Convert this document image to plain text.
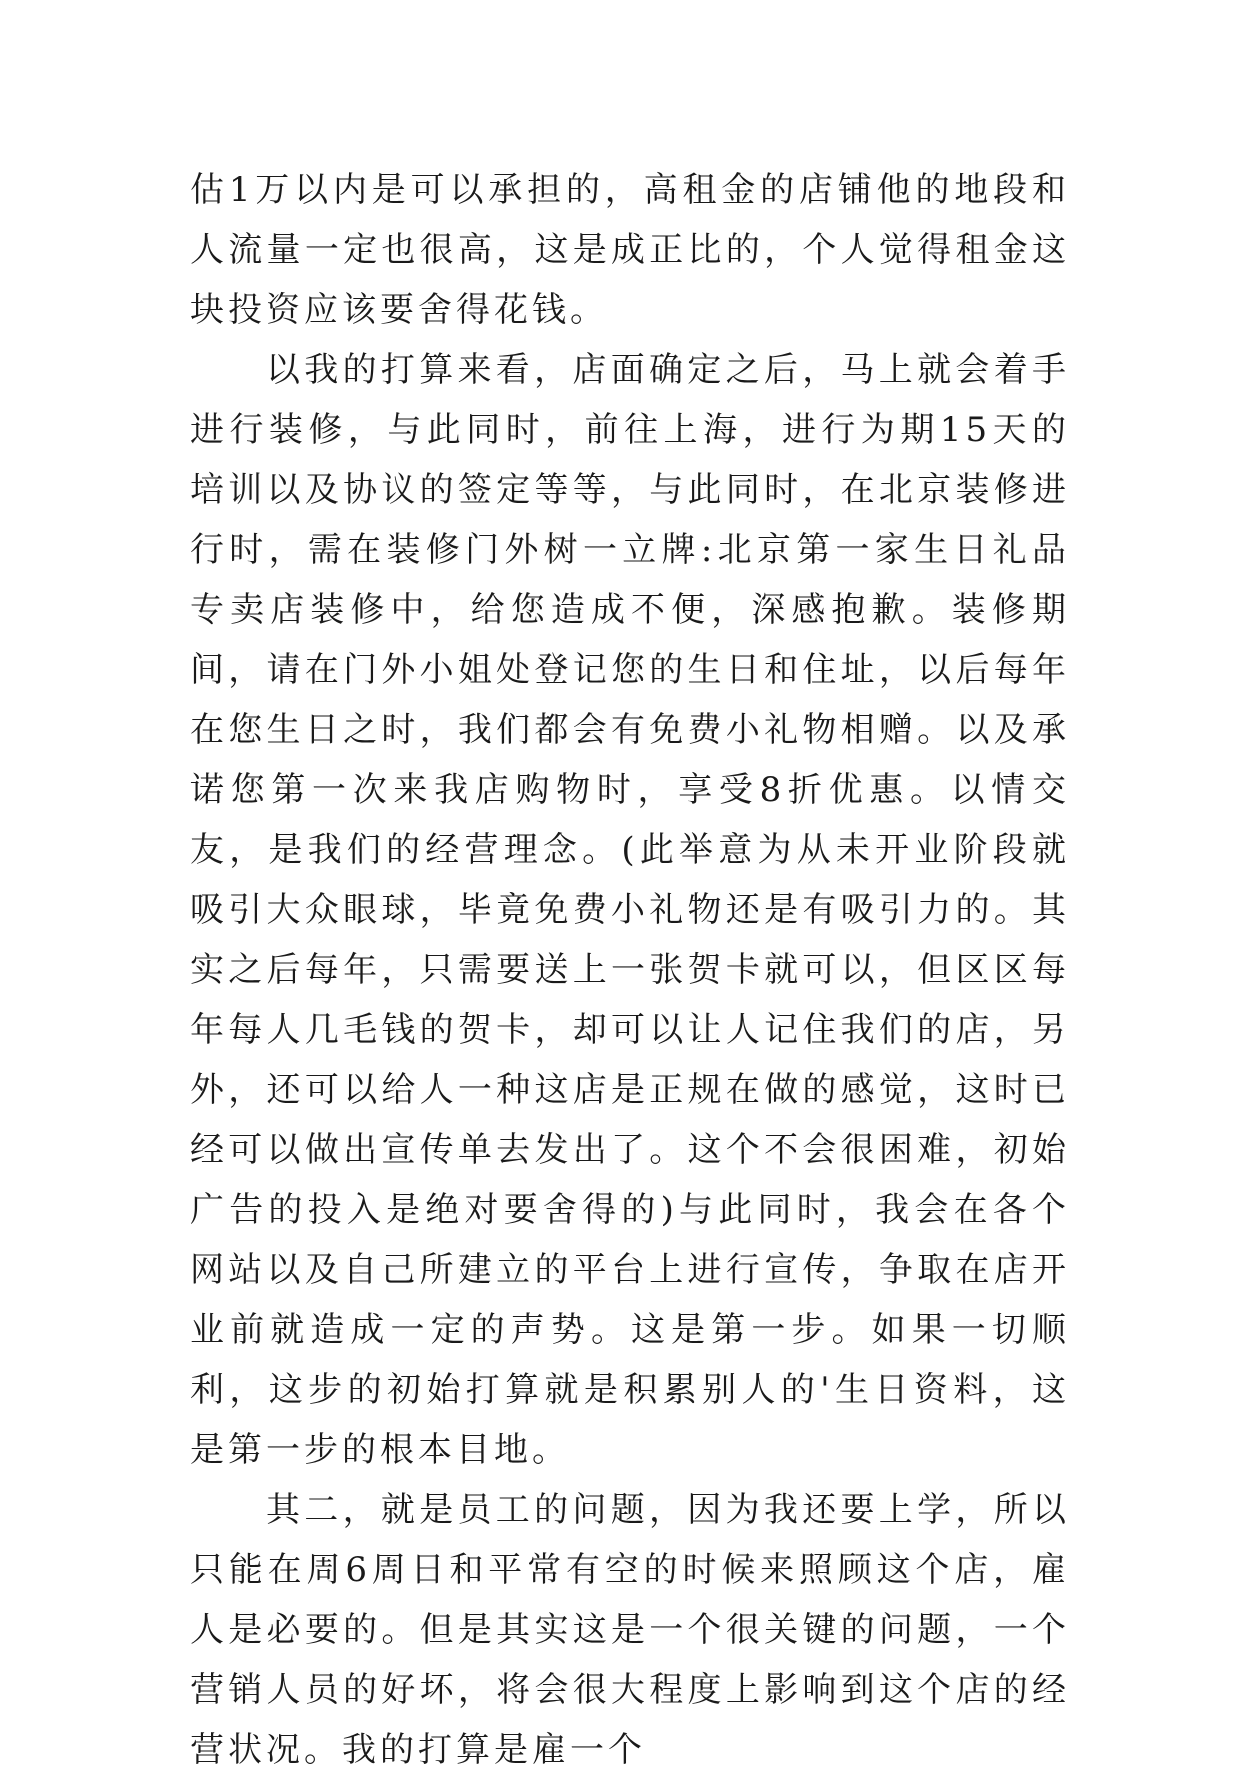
估1万以内是可以承担的，高租金的店铺他的地段和人流量一定也很高，这是成正比的，个人觉得租金这块投资应该要舍得花钱。

以我的打算来看，店面确定之后，马上就会着手进行装修，与此同时，前往上海，进行为期15天的培训以及协议的签定等等，与此同时，在北京装修进行时，需在装修门外树一立牌:北京第一家生日礼品专卖店装修中，给您造成不便，深感抱歉。装修期间，请在门外小姐处登记您的生日和住址，以后每年在您生日之时，我们都会有免费小礼物相赠。以及承诺您第一次来我店购物时，享受8折优惠。以情交友，是我们的经营理念。(此举意为从未开业阶段就吸引大众眼球，毕竟免费小礼物还是有吸引力的。其实之后每年，只需要送上一张贺卡就可以，但区区每年每人几毛钱的贺卡，却可以让人记住我们的店，另外，还可以给人一种这店是正规在做的感觉，这时已经可以做出宣传单去发出了。这个不会很困难，初始广告的投入是绝对要舍得的)与此同时，我会在各个网站以及自己所建立的平台上进行宣传，争取在店开业前就造成一定的声势。这是第一步。如果一切顺利，这步的初始打算就是积累别人的'生日资料，这是第一步的根本目地。

其二，就是员工的问题，因为我还要上学，所以只能在周6周日和平常有空的时候来照顾这个店，雇人是必要的。但是其实这是一个很关键的问题，一个营销人员的好坏，将会很大程度上影响到这个店的经营状况。我的打算是雇一个
